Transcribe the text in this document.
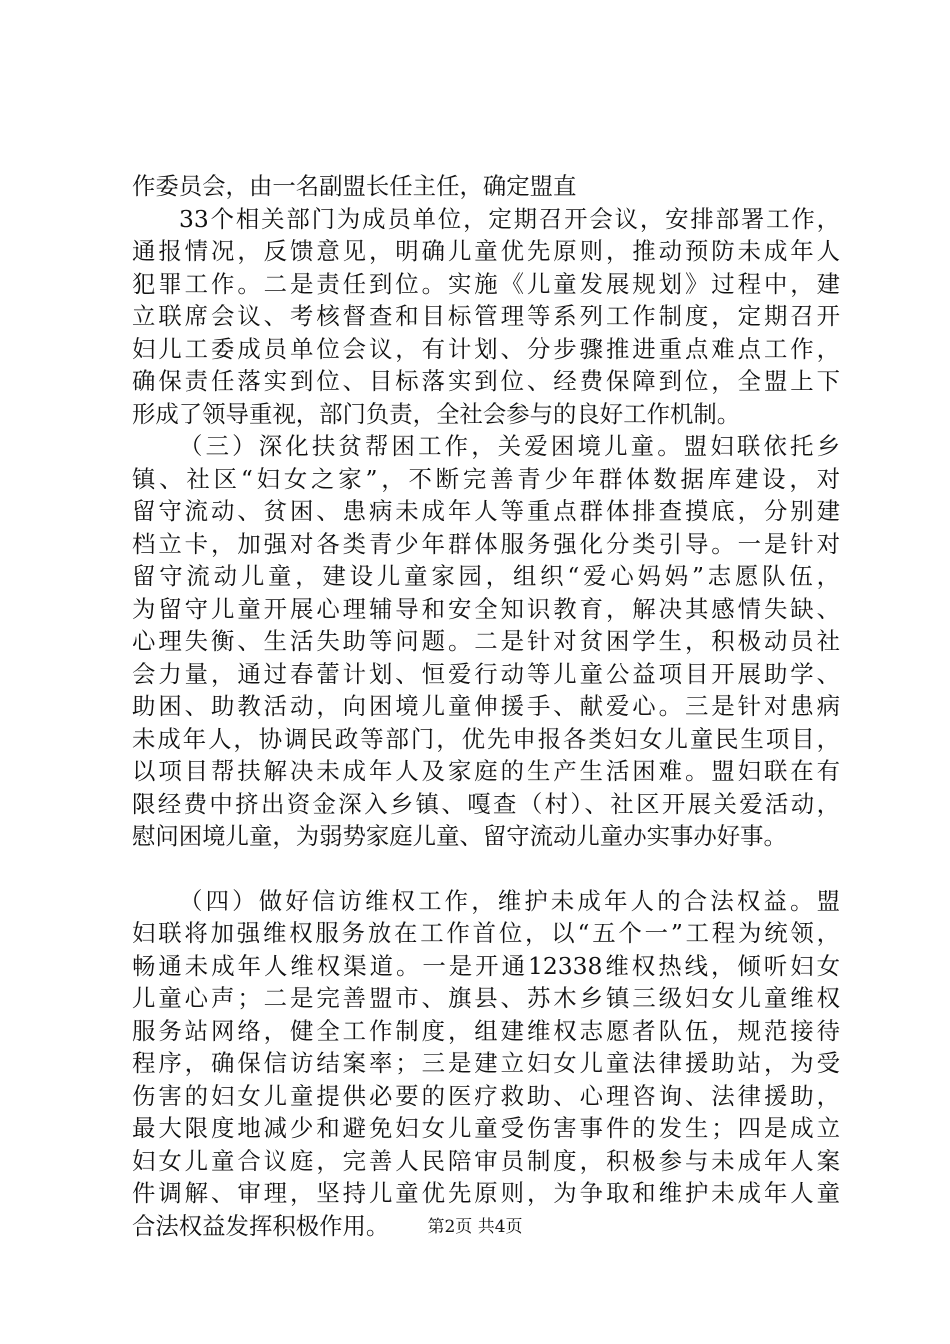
作委员会，由一名副盟长任主任，确定盟直
33个相关部门为成员单位，定期召开会议，安排部署工作，
通报情况，反馈意见，明确儿童优先原则，推动预防未成年人
犯罪工作。二是责任到位。实施《儿童发展规划》过程中，建
立联席会议、考核督查和目标管理等系列工作制度，定期召开
妇儿工委成员单位会议，有计划、分步骤推进重点难点工作，
确保责任落实到位、目标落实到位、经费保障到位，全盟上下
形成了领导重视，部门负责，全社会参与的良好工作机制。
（三）深化扶贫帮困工作，关爱困境儿童。盟妇联依托乡
镇、社区“妇女之家”，不断完善青少年群体数据库建设，对
留守流动、贫困、患病未成年人等重点群体排查摸底，分别建
档立卡，加强对各类青少年群体服务强化分类引导。一是针对
留守流动儿童，建设儿童家园，组织“爱心妈妈”志愿队伍，
为留守儿童开展心理辅导和安全知识教育，解决其感情失缺、
心理失衡、生活失助等问题。二是针对贫困学生，积极动员社
会力量，通过春蕾计划、恒爱行动等儿童公益项目开展助学、
助困、助教活动，向困境儿童伸援手、献爱心。三是针对患病
未成年人，协调民政等部门，优先申报各类妇女儿童民生项目，
以项目帮扶解决未成年人及家庭的生产生活困难。盟妇联在有
限经费中挤出资金深入乡镇、嘎查（村）、社区开展关爱活动，
慰问困境儿童，为弱势家庭儿童、留守流动儿童办实事办好事。
（四）做好信访维权工作，维护未成年人的合法权益。盟
妇联将加强维权服务放在工作首位，以“五个一”工程为统领，
畅通未成年人维权渠道。一是开通12338维权热线，倾听妇女
儿童心声；二是完善盟市、旗县、苏木乡镇三级妇女儿童维权
服务站网络，健全工作制度，组建维权志愿者队伍，规范接待
程序，确保信访结案率；三是建立妇女儿童法律援助站，为受
伤害的妇女儿童提供必要的医疗救助、心理咨询、法律援助，
最大限度地减少和避免妇女儿童受伤害事件的发生；四是成立
妇女儿童合议庭，完善人民陪审员制度，积极参与未成年人案
件调解、审理，坚持儿童优先原则，为争取和维护未成年人童
合法权益发挥积极作用。	第2页 共4页
